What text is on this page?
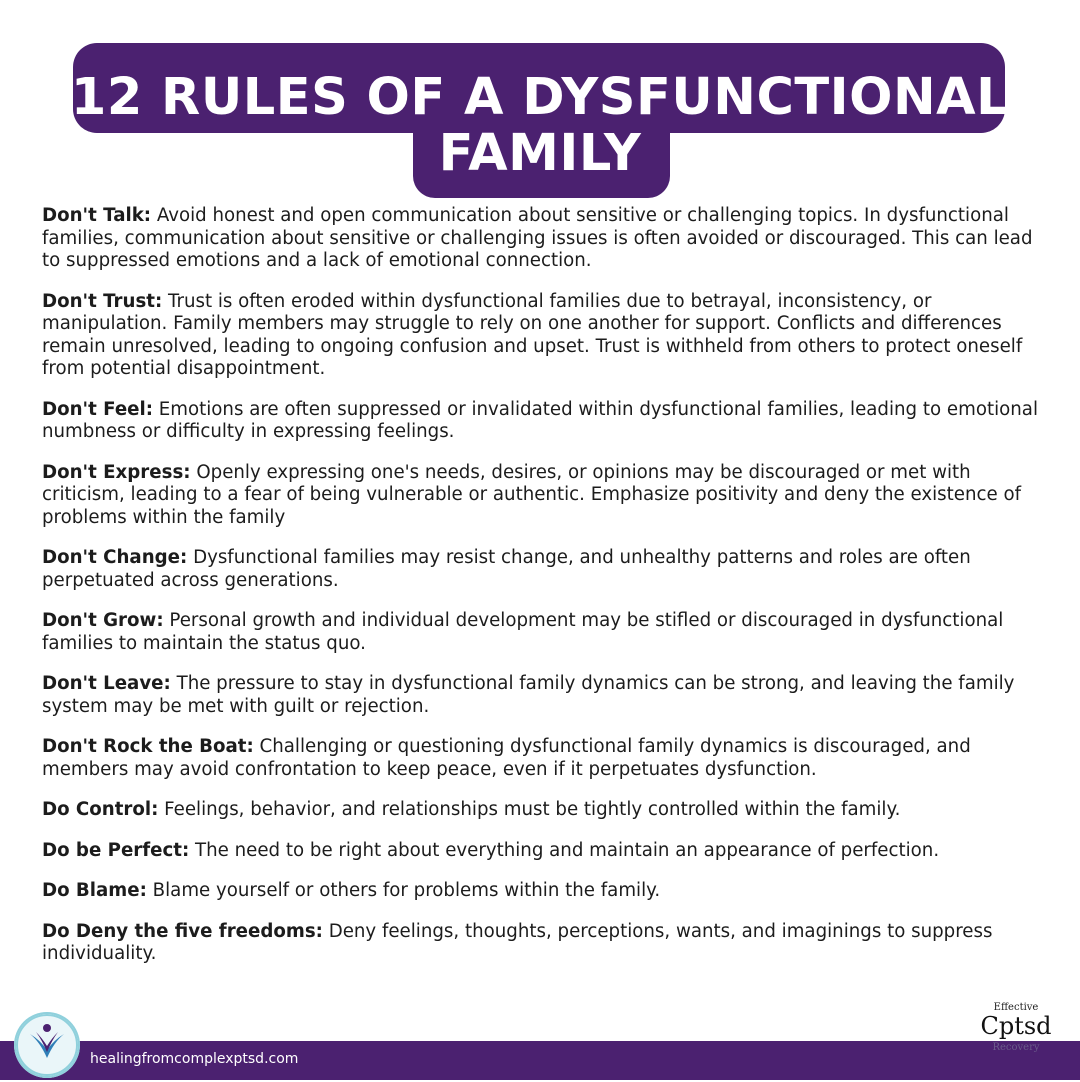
12 RULES OF A DYSFUNCTIONAL
FAMILY

Don't Talk: Avoid honest and open communication about sensitive or challenging topics. In dysfunctional families, communication about sensitive or challenging issues is often avoided or discouraged. This can lead to suppressed emotions and a lack of emotional connection.

Don't Trust: Trust is often eroded within dysfunctional families due to betrayal, inconsistency, or manipulation. Family members may struggle to rely on one another for support. Conflicts and differences remain unresolved, leading to ongoing confusion and upset. Trust is withheld from others to protect oneself from potential disappointment.

Don't Feel: Emotions are often suppressed or invalidated within dysfunctional families, leading to emotional numbness or difficulty in expressing feelings.

Don't Express: Openly expressing one's needs, desires, or opinions may be discouraged or met with criticism, leading to a fear of being vulnerable or authentic. Emphasize positivity and deny the existence of problems within the family

Don't Change: Dysfunctional families may resist change, and unhealthy patterns and roles are often perpetuated across generations.

Don't Grow: Personal growth and individual development may be stifled or discouraged in dysfunctional families to maintain the status quo.

Don't Leave: The pressure to stay in dysfunctional family dynamics can be strong, and leaving the family system may be met with guilt or rejection.

Don't Rock the Boat: Challenging or questioning dysfunctional family dynamics is discouraged, and members may avoid confrontation to keep peace, even if it perpetuates dysfunction.

Do Control: Feelings, behavior, and relationships must be tightly controlled within the family.

Do be Perfect: The need to be right about everything and maintain an appearance of perfection.

Do Blame: Blame yourself or others for problems within the family.

Do Deny the five freedoms: Deny feelings, thoughts, perceptions, wants, and imaginings to suppress individuality.

healingfromcomplexptsd.com
Effective
Cptsd
Recovery
